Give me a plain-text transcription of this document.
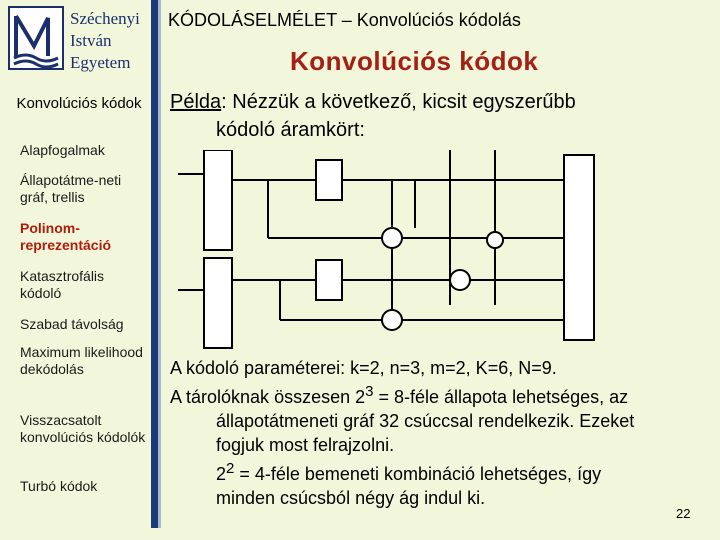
Széchenyi
István
Egyetem
KÓDOLÁSELMÉLET – Konvolúciós kódolás
Konvolúciós kódok
Konvolúciós kódok
Alapfogalmak
Állapotátme-neti gráf, trellis
Polinom-reprezentáció
Katasztrofális kódoló
Szabad távolság
Maximum likelihood dekódolás
Visszacsatolt konvolúciós kódolók
Turbó kódok
Példa: Nézzük a következő, kicsit egyszerűbb
kódoló áramkört:
A kódoló paraméterei: k=2, n=3, m=2, K=6, N=9.
A tárolóknak összesen $2^3$ = 8-féle állapota lehetséges, az
állapotátmeneti gráf 32 csúccsal rendelkezik. Ezeket
fogjuk most felrajzolni.
$2^2$ = 4-féle bemeneti kombináció lehetséges, így
minden csúcsból négy ág indul ki.
22
